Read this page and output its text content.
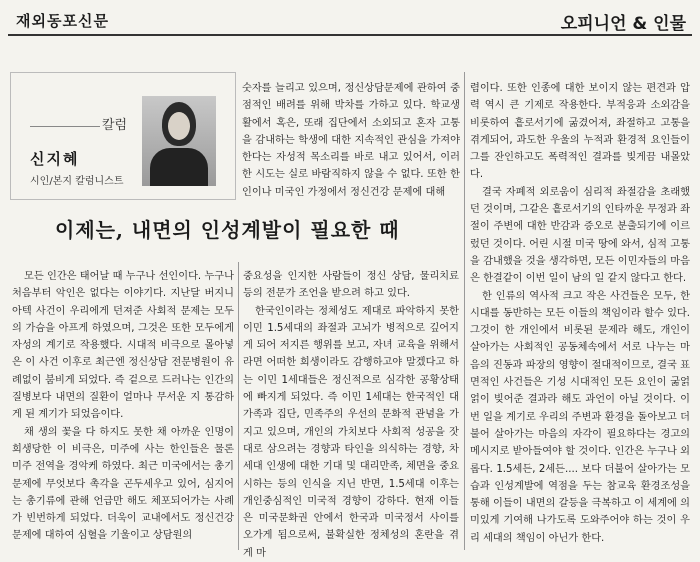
재외동포신문	오피니언 & 인물
칼럼
신지혜
시인/본지 칼럼니스트
이제는, 내면의 인성계발이 필요한 때

숫자를 늘리고 있으며, 정신상담문제에 관하여 중점적인 배려를 위해 박차를 가하고 있다. 학교생활에서 혹은, 또래 집단에서 소외되고 혼자 고통을 감내하는 학생에 대한 지속적인 관심을 가져야 한다는 자성적 목소리를 바로 내고 있어서, 이러한 시도는 실로 바람직하지 않을 수 없다. 또한 한인이나 미국인 가정에서 정신건강 문제에 대해

렴이다. 또한 인종에 대한 보이지 않는 편견과 압력 역시 큰 기제로 작용한다. 부적응과 소외감을 비롯하여 흩로서기에 굶겼어져, 좌절하고 고통을 겪게되어, 과도한 우울의 누적과 환경적 요인들이 그를 잔인하고도 폭력적인 결과를 빚게끔 내몰았다.

결국 자폐적 외로움이 심리적 좌절감을 초래했던 것이며, 그같은 흩로서기의 인타까운 무정과 좌절이 주변에 대한 반감과 증오로 분출되기에 이르렀던 것이다. 어린 시절 미국 땅에 와서, 심적 고통을 감내했을 것을 생각하면, 모든 이민자들의 마음은 한결같이 이번 일이 남의 일 같지 않다고 한다.

한 인류의 역사적 크고 작은 사건들은 모두, 한 시대를 동반하는 모든 이들의 책임이라 할수 있다. 그것이 한 개인에서 비롯된 문제라 해도, 개인이 살아가는 사회적인 공동체속에서 서로 나누는 마음의 진동과 파장의 영향이 절대적이므로, 결국 표면적인 사건들은 기성 시대적인 모든 요인이 굶얽얽이 빚어준 결과라 해도 과언이 아닐 것이다. 이번 일을 계기로 우리의 주변과 환경을 돌아보고 더불어 살아가는 마음의 자각이 필요하다는 경고의 메시지로 받아들여야 할 것이다. 인간은 누구나 외롭다. 1.5세든, 2세든.... 보다 더불어 살아가는 모습과 인성계발에 역점을 두는 참교육 환경조성을 통해 이들이 내면의 갈등을 극복하고 이 세계에 의미있게 기여해 나가도록 도와주어야 하는 것이 우리 세대의 책임이 아닌가 한다.

모든 인간은 태어날 때 누구나 선인이다. 누구나 처음부터 악인은 없다는 이야기다. 지난달 버지니아텍 사건이 우리에게 던져준 사회적 문제는 모두의 가슴을 아프게 하였으며, 그것은 또한 모두에게 자성의 계기로 작용했다. 시대적 비극으로 몰아넣은 이 사건 이후로 최근엔 정신상담 전문병원이 유례없이 붐비게 되었다. 즉 겉으로 드러나는 인간의 질병보다 내면의 질환이 얼마나 무서운 지 통감하게 된 계기가 되었음이다.

채 생의 꽃을 다 하지도 못한 채 아까운 인명이 희생당한 이 비극은, 미주에 사는 한인들은 물론 미주 전역을 경악케 하였다. 최근 미국에서는 총기문제에 무엇보다 촉각을 곤두세우고 있어, 심지어는 총기류에 관해 언급만 해도 체포되어가는 사례가 빈번하게 되었다. 더욱이 교내에서도 정신건강문제에 대하여 심혈을 기울이고 상담원의

중요성을 인지한 사람들이 정신 상담, 물리치료 등의 전문가 조언을 받으려 하고 있다.

한국인이라는 정체성도 제대로 파악하지 못한 이민 1.5세대의 좌절과 고뇌가 병적으로 깊어지게 되어 저지른 행위를 보고, 자녀 교육을 위해서라면 어떠한 희생이라도 감행하고야 말겠다고 하는 이민 1세대들은 정신적으로 심각한 공황상태에 빠지게 되었다. 즉 이민 1세대는 한국적인 대가족과 집단, 민족주의 우선의 문화적 관념을 가지고 있으며, 개인의 가치보다 사회적 성공을 잣대로 삼으려는 경향과 타인을 의식하는 경향, 차세대 인생에 대한 기대 및 대리만족, 체면을 중요시하는 등의 인식을 지닌 반면, 1.5세대 이후는 개인중심적인 미국적 경향이 강하다. 현재 이들은 미국문화권 안에서 한국과 미국정서 사이를 오가게 됨으로써, 불확실한 정체성의 혼란을 겪게 마
